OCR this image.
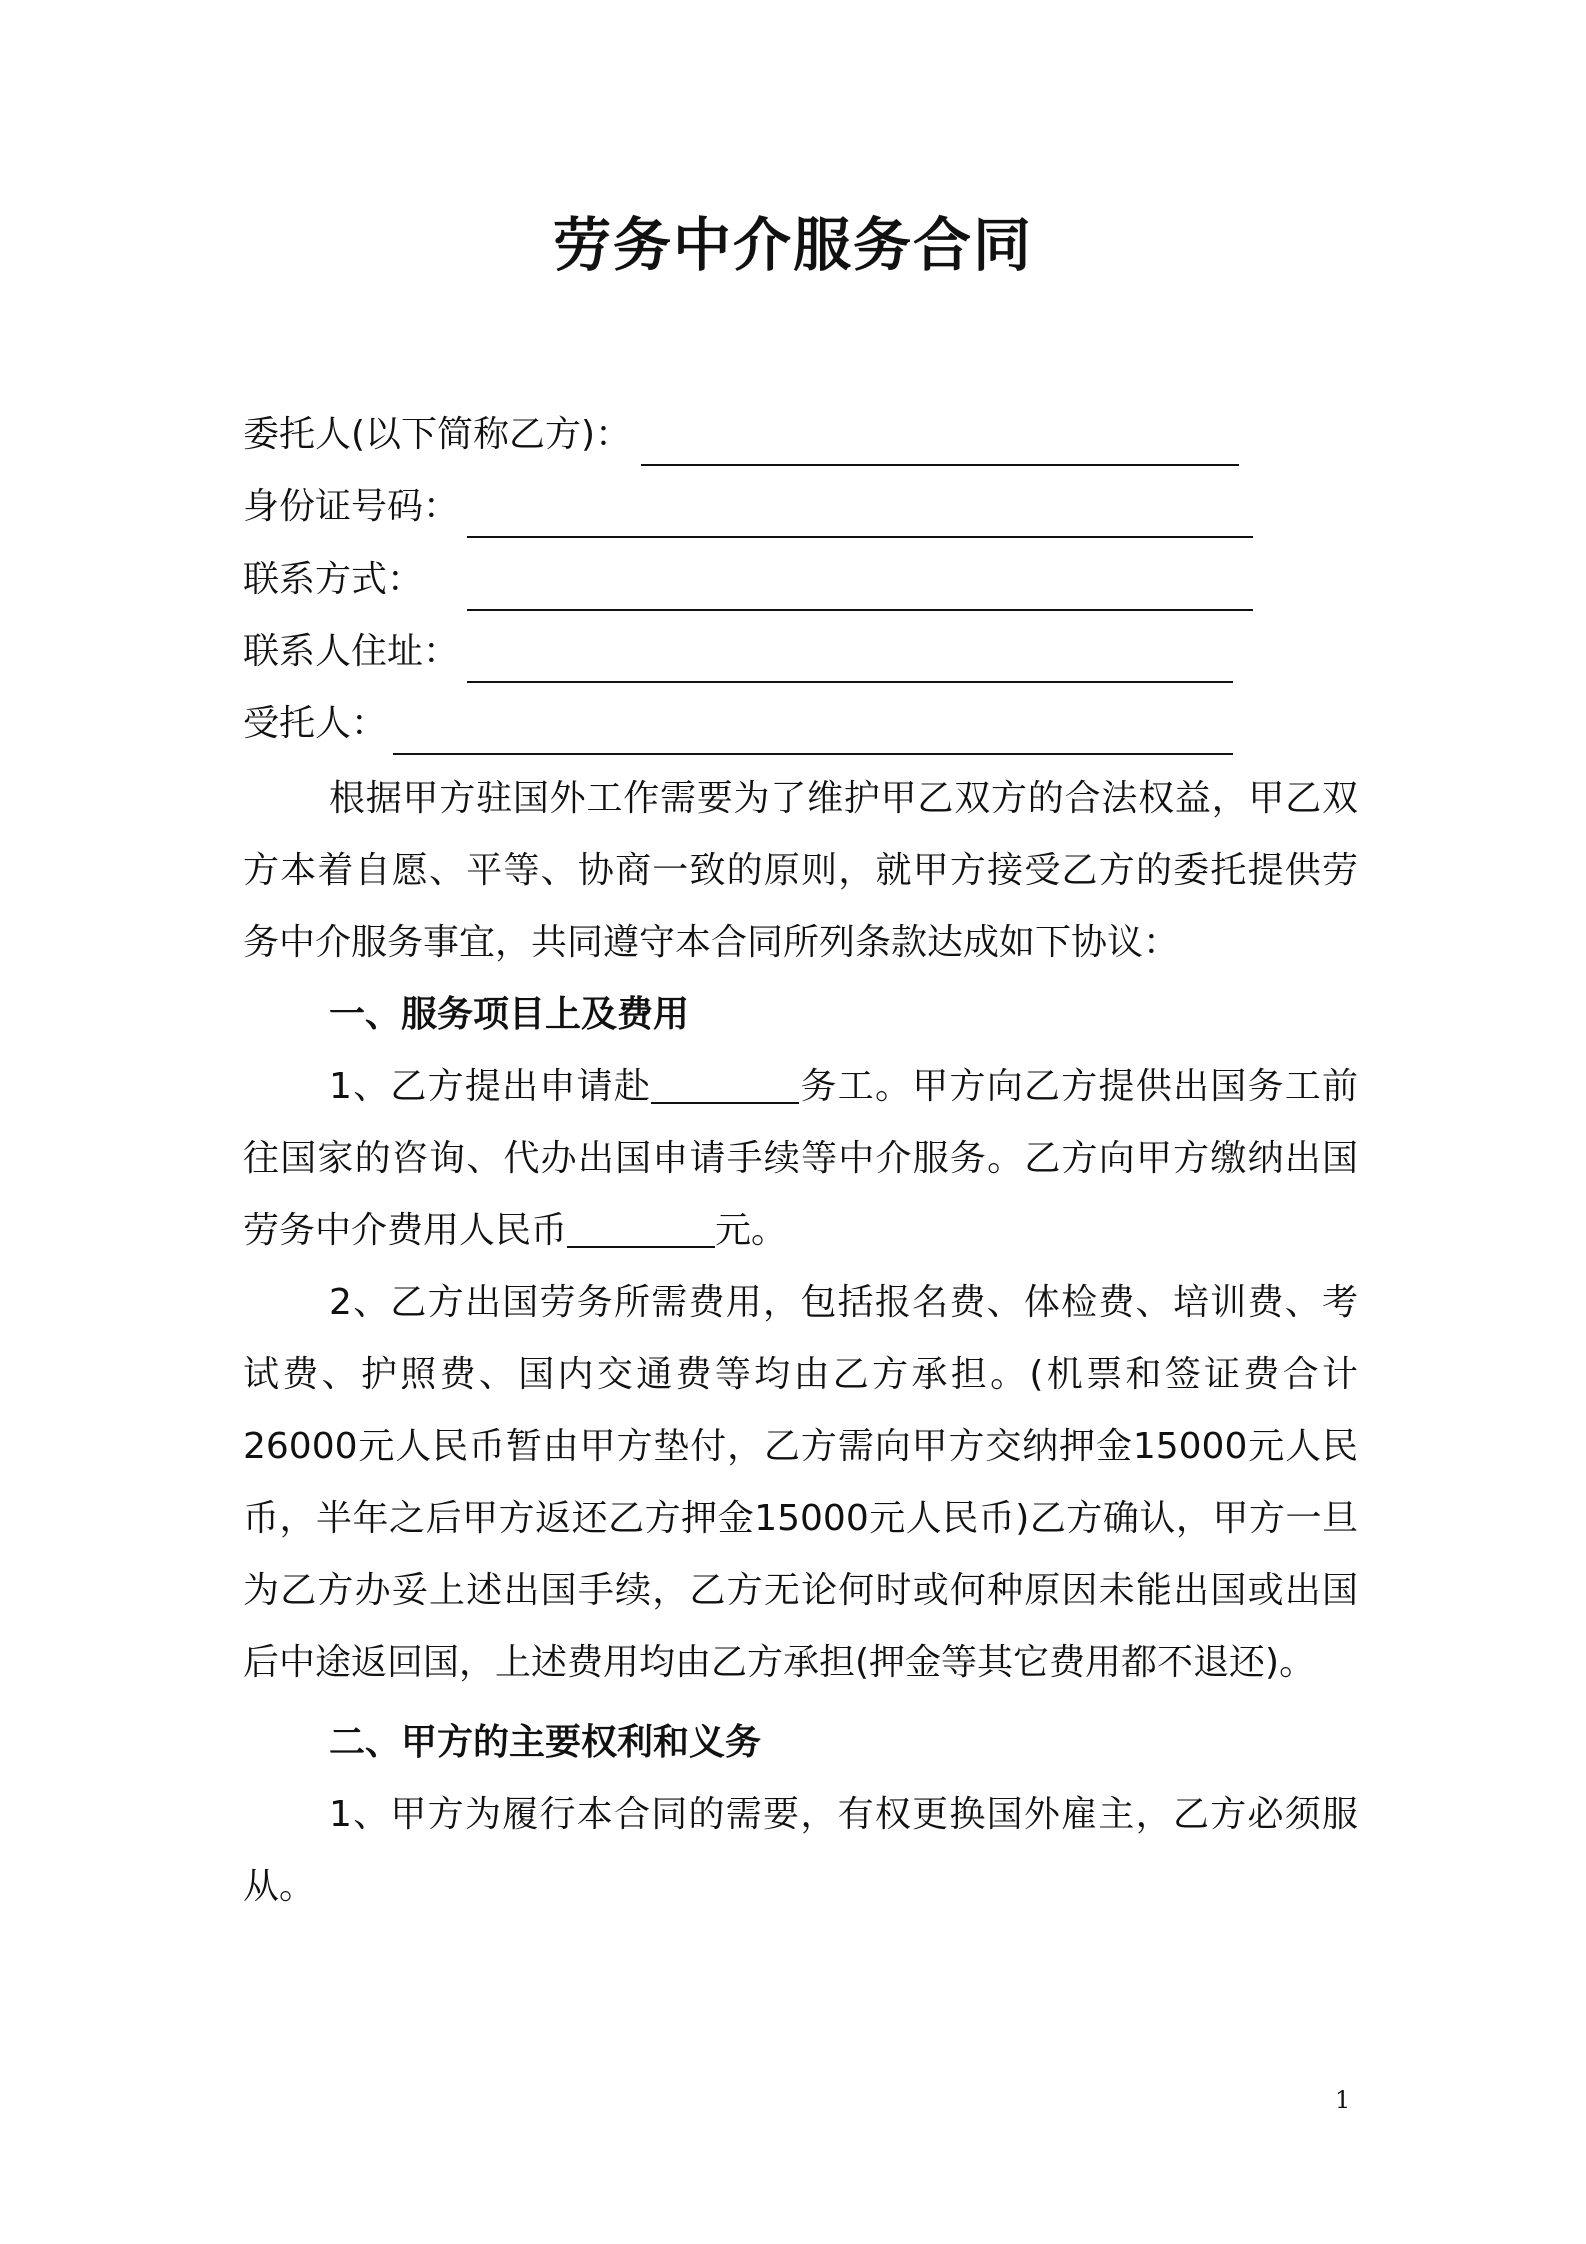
劳务中介服务合同
委托人(以下简称乙方)：
身份证号码：
联系方式：
联系人住址：
受托人：

根据甲方驻国外工作需要为了维护甲乙双方的合法权益，甲乙双方本着自愿、平等、协商一致的原则，就甲方接受乙方的委托提供劳务中介服务事宜，共同遵守本合同所列条款达成如下协议：

一、服务项目上及费用

1、乙方提出申请赴	务工。甲方向乙方提供出国务工前往国家的咨询、代办出国申请手续等中介服务。乙方向甲方缴纳出国劳务中介费用人民币	元。

2、乙方出国劳务所需费用，包括报名费、体检费、培训费、考试费、护照费、国内交通费等均由乙方承担。(机票和签证费合计26000元人民币暂由甲方垫付，乙方需向甲方交纳押金15000元人民币，半年之后甲方返还乙方押金15000元人民币)乙方确认，甲方一旦为乙方办妥上述出国手续，乙方无论何时或何种原因未能出国或出国后中途返回国，上述费用均由乙方承担(押金等其它费用都不退还)。

二、甲方的主要权利和义务

1、甲方为履行本合同的需要，有权更换国外雇主，乙方必须服从。

1
